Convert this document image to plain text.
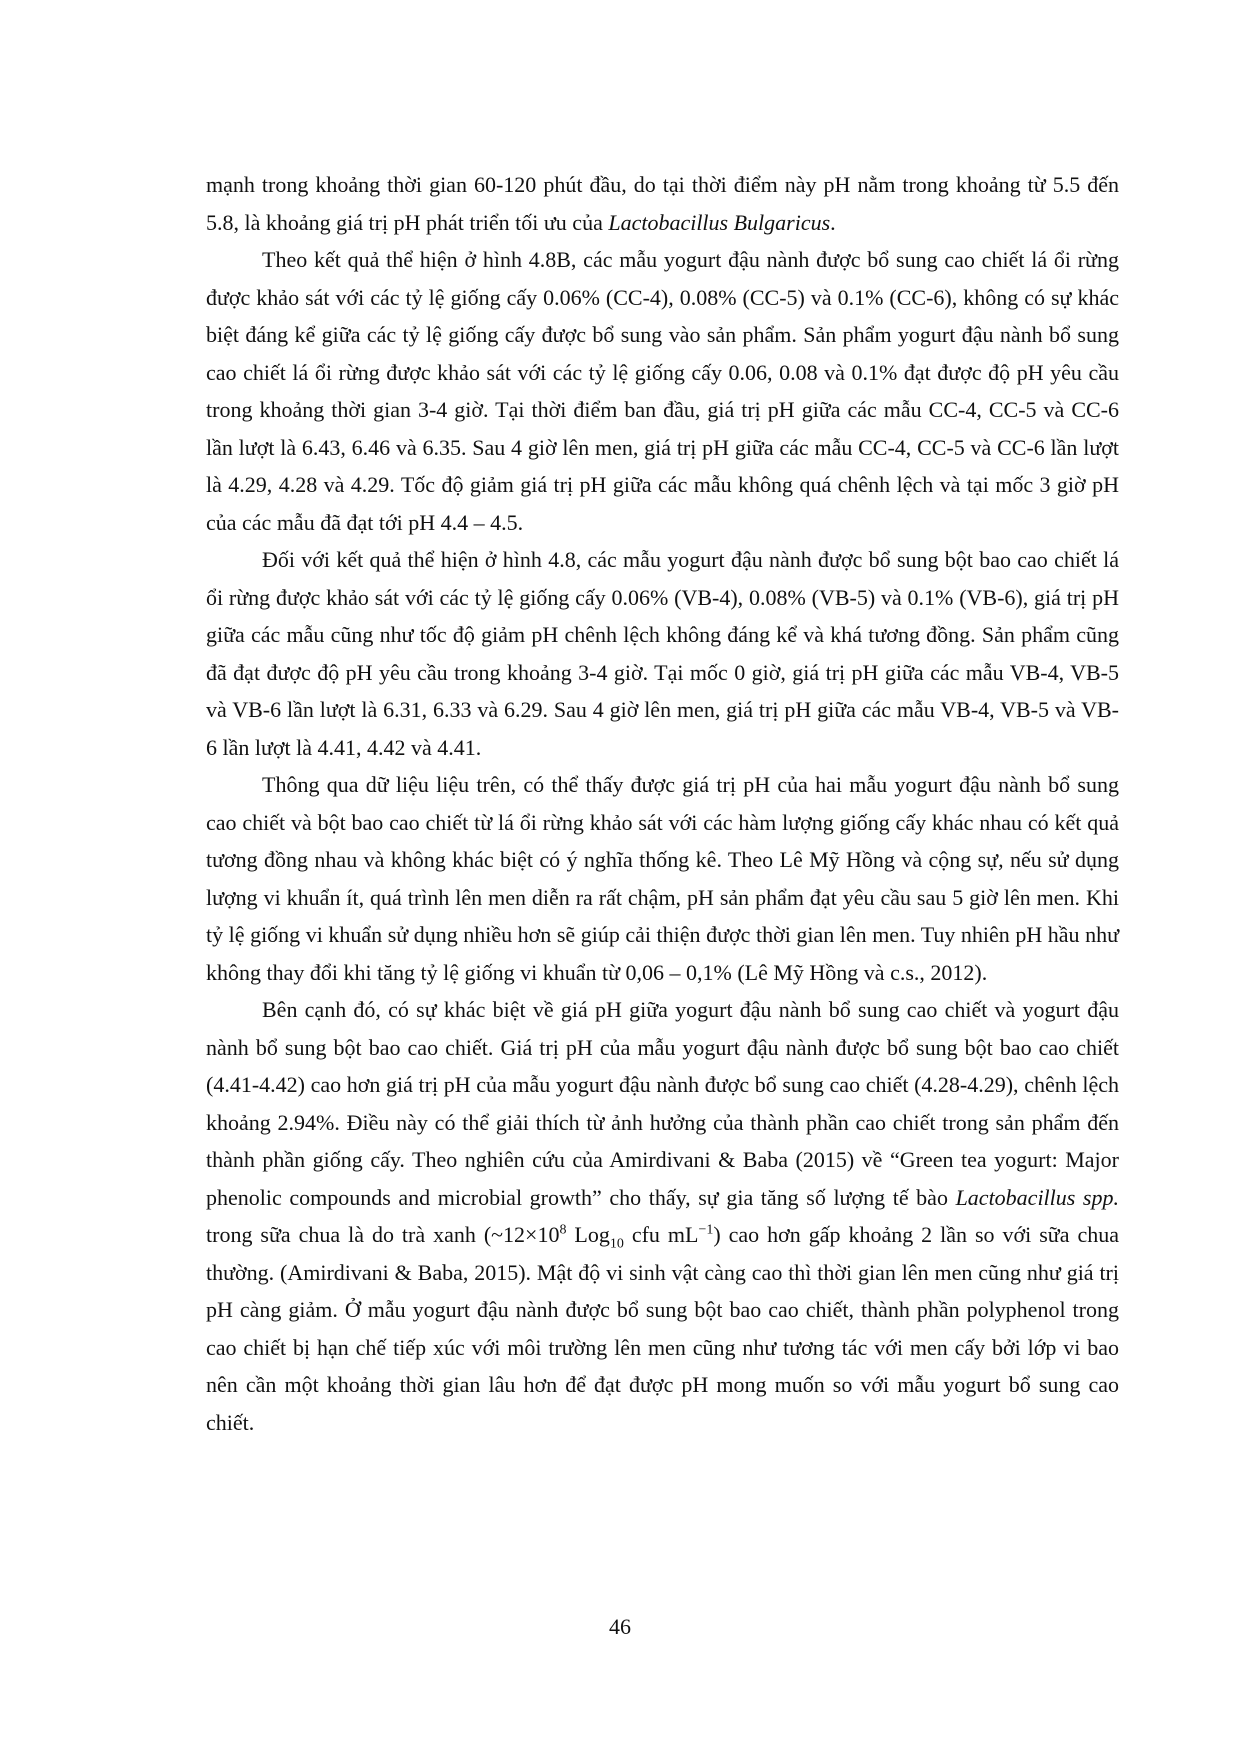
mạnh trong khoảng thời gian 60-120 phút đầu, do tại thời điểm này pH nằm trong khoảng từ 5.5 đến 5.8, là khoảng giá trị pH phát triển tối ưu của Lactobacillus Bulgaricus.

Theo kết quả thể hiện ở hình 4.8B, các mẫu yogurt đậu nành được bổ sung cao chiết lá ổi rừng được khảo sát với các tỷ lệ giống cấy 0.06% (CC-4), 0.08% (CC-5) và 0.1% (CC-6), không có sự khác biệt đáng kể giữa các tỷ lệ giống cấy được bổ sung vào sản phẩm. Sản phẩm yogurt đậu nành bổ sung cao chiết lá ổi rừng được khảo sát với các tỷ lệ giống cấy 0.06, 0.08 và 0.1% đạt được độ pH yêu cầu trong khoảng thời gian 3-4 giờ. Tại thời điểm ban đầu, giá trị pH giữa các mẫu CC-4, CC-5 và CC-6 lần lượt là 6.43, 6.46 và 6.35. Sau 4 giờ lên men, giá trị pH giữa các mẫu CC-4, CC-5 và CC-6 lần lượt là 4.29, 4.28 và 4.29. Tốc độ giảm giá trị pH giữa các mẫu không quá chênh lệch và tại mốc 3 giờ pH của các mẫu đã đạt tới pH 4.4 – 4.5.

Đối với kết quả thể hiện ở hình 4.8, các mẫu yogurt đậu nành được bổ sung bột bao cao chiết lá ổi rừng được khảo sát với các tỷ lệ giống cấy 0.06% (VB-4), 0.08% (VB-5) và 0.1% (VB-6), giá trị pH giữa các mẫu cũng như tốc độ giảm pH chênh lệch không đáng kể và khá tương đồng. Sản phẩm cũng đã đạt được độ pH yêu cầu trong khoảng 3-4 giờ. Tại mốc 0 giờ, giá trị pH giữa các mẫu VB-4, VB-5 và VB-6 lần lượt là 6.31, 6.33 và 6.29. Sau 4 giờ lên men, giá trị pH giữa các mẫu VB-4, VB-5 và VB-6 lần lượt là 4.41, 4.42 và 4.41.

Thông qua dữ liệu liệu trên, có thể thấy được giá trị pH của hai mẫu yogurt đậu nành bổ sung cao chiết và bột bao cao chiết từ lá ổi rừng khảo sát với các hàm lượng giống cấy khác nhau có kết quả tương đồng nhau và không khác biệt có ý nghĩa thống kê. Theo Lê Mỹ Hồng và cộng sự, nếu sử dụng lượng vi khuẩn ít, quá trình lên men diễn ra rất chậm, pH sản phẩm đạt yêu cầu sau 5 giờ lên men. Khi tỷ lệ giống vi khuẩn sử dụng nhiều hơn sẽ giúp cải thiện được thời gian lên men. Tuy nhiên pH hầu như không thay đổi khi tăng tỷ lệ giống vi khuẩn từ 0,06 – 0,1% (Lê Mỹ Hồng và c.s., 2012).

Bên cạnh đó, có sự khác biệt về giá pH giữa yogurt đậu nành bổ sung cao chiết và yogurt đậu nành bổ sung bột bao cao chiết. Giá trị pH của mẫu yogurt đậu nành được bổ sung bột bao cao chiết (4.41-4.42) cao hơn giá trị pH của mẫu yogurt đậu nành được bổ sung cao chiết (4.28-4.29), chênh lệch khoảng 2.94%. Điều này có thể giải thích từ ảnh hưởng của thành phần cao chiết trong sản phẩm đến thành phần giống cấy. Theo nghiên cứu của Amirdivani & Baba (2015) về “Green tea yogurt: Major phenolic compounds and microbial growth” cho thấy, sự gia tăng số lượng tế bào Lactobacillus spp. trong sữa chua là do trà xanh ($\sim 12\times 10^8$ Log$_{10}$ cfu $mL^{-1}$) cao hơn gấp khoảng 2 lần so với sữa chua thường. (Amirdivani & Baba, 2015). Mật độ vi sinh vật càng cao thì thời gian lên men cũng như giá trị pH càng giảm. Ở mẫu yogurt đậu nành được bổ sung bột bao cao chiết, thành phần polyphenol trong cao chiết bị hạn chế tiếp xúc với môi trường lên men cũng như tương tác với men cấy bởi lớp vi bao nên cần một khoảng thời gian lâu hơn để đạt được pH mong muốn so với mẫu yogurt bổ sung cao chiết.

46
